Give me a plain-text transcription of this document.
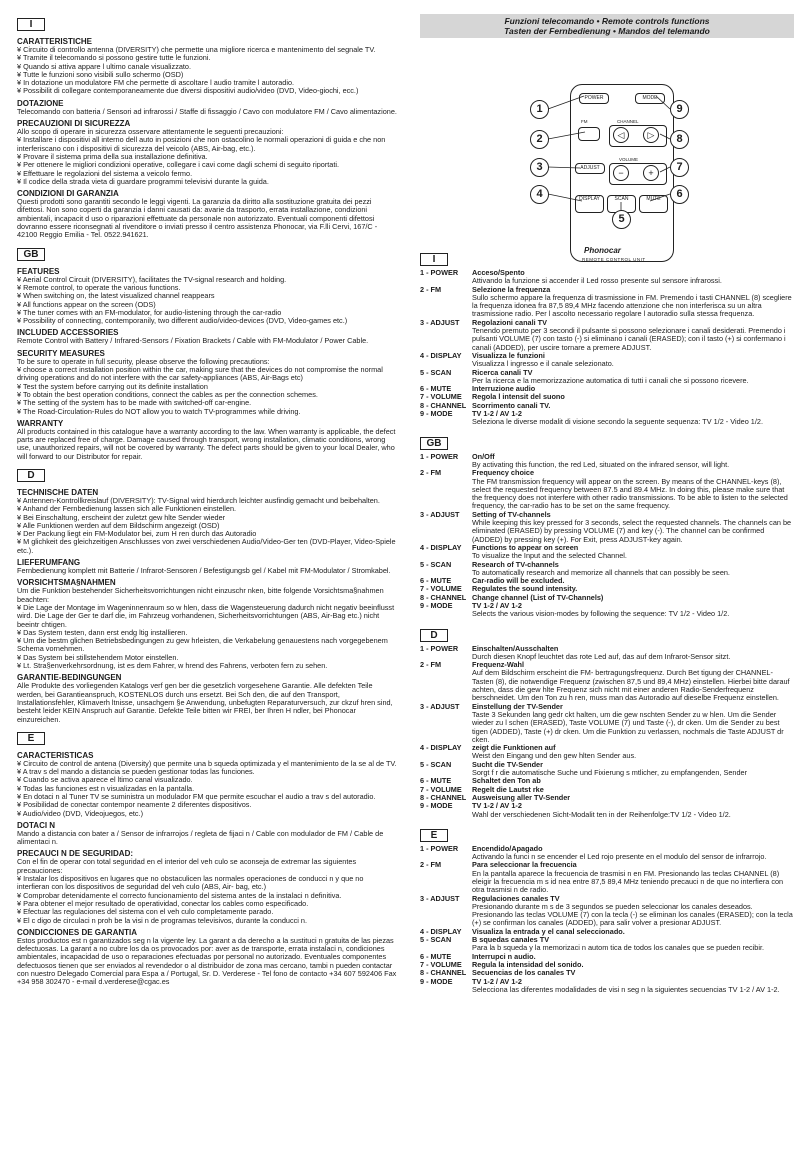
I
CARATTERISTICHE
¥ Circuito di controllo antenna (DIVERSITY) che permette una migliore ricerca e mantenimento del segnale TV.
¥ Tramite il telecomando si possono gestire tutte le funzioni.
¥ Quando si attiva appare l ultimo canale visualizzato.
¥ Tutte le funzioni sono visibili sullo schermo (OSD)
¥ In dotazione un modulatore FM che permette di ascoltare l audio tramite l autoradio.
¥ Possibilit di collegare contemporaneamente due diversi dispositivi audio/video (DVD, Video-giochi, ecc.)
DOTAZIONE
Telecomando con batteria / Sensori ad infrarossi / Staffe di fissaggio / Cavo con modulatore FM / Cavo alimentazione.
PRECAUZIONI DI SICUREZZA
Allo scopo di operare in sicurezza osservare attentamente le seguenti precauzioni:
¥ Installare i dispositivi all interno dell auto in posizioni che non ostacolino le normali operazioni di guida e che non interferiscano con i dispositivi di sicurezza del veicolo (ABS, Air-bag, etc.).
¥ Provare il sistema prima della sua installazione definitiva.
¥ Per ottenere le migliori condizioni operative, collegare i cavi come dagli schemi di seguito riportati.
¥ Effettuare le regolazioni del sistema a veicolo fermo.
¥ Il codice della strada vieta di guardare programmi televisivi durante la guida.
CONDIZIONI DI GARANZIA
Questi prodotti sono garantiti secondo le leggi vigenti. La garanzia da diritto alla sostituzione gratuita dei pezzi difettosi. Non sono coperti da garanzia i danni causati da: avarie da trasporto, errata installazione, condizioni ambientali, incapacit d uso o riparazioni effettuate da personale non autorizzato. Eventuali componenti difettosi dovranno essere riconsegnati al rivenditore o inviati presso il centro assistenza Phonocar, via F.lli Cervi, 167/C - 42100 Reggio Emilia - Tel. 0522.941621.
GB
FEATURES
¥ Aerial Control Circuit (DIVERSITY), facilitates the TV-signal research and holding.
¥ Remote control, to operate the various functions.
¥ When switching on, the latest visualized channel reappears
¥ All functions appear on the screen (ODS)
¥ The tuner comes with an FM-modulator, for audio-listening through the car-radio
¥ Possibility of connecting, contemporanily, two different audio/video-devices (DVD, Video-games etc.)
INCLUDED ACCESSORIES
Remote Control with Battery / Infrared-Sensors / Fixation Brackets / Cable with FM-Modulator / Power Cable.
SECURITY MEASURES
To be sure to operate in full security, please observe the following precautions:
¥ choose a correct installation position within the car, making sure that the devices do not compromise the normal driving operations and do not interfere with the car safety-appliances (ABS, Air-Bags etc)
¥ Test the system before carrying out its definite installation
¥ To obtain the best operation conditions, connect the cables as per the connection schemes.
¥ The setting of the system has to be made with switched-off car-engine.
¥ The Road-Circulation-Rules do NOT allow you to watch TV-programmes while driving.
WARRANTY
All products contained in this catalogue have a warranty according to the law. When warranty is applicable, the defect parts are replaced free of charge. Damage caused through transport, wrong installation, climatic conditions, wrong use, unauthorized repairs, will not be covered by warranty. The defect parts should be given to your local Dealer, who will forward to our Distributor for repair.
D
TECHNISCHE DATEN
¥ Antennen-Kontrollkreislauf (DIVERSITY): TV-Signal wird hierdurch leichter ausfindig gemacht und beibehalten.
¥ Anhand der Fernbedienung lassen sich alle Funktionen einstellen.
¥ Bei Einschaltung, erscheint der zuletzt gew hlte Sender wieder
¥ Alle Funktionen werden auf dem Bildschirm angezeigt (OSD)
¥ Der Packung liegt ein FM-Modulator bei, zum H ren durch das Autoradio
¥ M glichkeit des gleichzeitigen Anschlusses von zwei verschiedenen Audio/Video-Ger ten (DVD-Player, Video-Spiele etc.).
LIEFERUMFANG
Fernbedienung komplett mit Batterie / Infrarot-Sensoren / Befestigungsb gel / Kabel mit FM-Modulator / Stromkabel.
VORSICHTSMA§NAHMEN
Um die Funktion bestehender Sicherheitsvorrichtungen nicht einzuschr nken, bitte folgende Vorsichtsma§nahmen beachten:
¥ Die Lage der Montage im Wageninnenraum so w hlen, dass die Wagensteuerung dadurch nicht negativ beeinflusst wird. Die Lage der Ger te darf die, im Fahrzeug vorhandenen, Sicherheitsvorrichtungen (ABS, Air-Bag etc.) nicht beeintr chtigen.
¥ Das System testen, dann erst endg ltig installieren.
¥ Um die bestm glichen Betriebsbedingungen zu gew hrleisten, die Verkabelung genauestens nach vorgegebenem Schema vornehmen.
¥ Das System bei stillstehendem Motor einstellen.
¥ Lt. Stra§enverkehrsordnung, ist es dem Fahrer, w hrend des Fahrens, verboten fern zu sehen.
GARANTIE-BEDINGUNGEN
Alle Produkte des vorliegenden Katalogs verf gen ber die gesetzlich vorgesehene Garantie. Alle defekten Teile werden, bei Garantieanspruch, KOSTENLOS durch uns ersetzt. Bei Sch den, die auf den Transport, Installationsfehler, Klimaverh ltnisse, unsachgem §e Anwendung, unbefugten Reparaturversuch, zur ckzuf hren sind, besteht leider KEIN Anspruch auf Garantie. Defekte Teile bitten wir FREI, ber Ihren H ndler, bei Phonocar einzureichen.
E
CARACTERISTICAS
¥ Circuito de control de antena (Diversity) que permite una b squeda optimizada y el mantenimiento de la se al de TV.
¥ A trav s del mando a distancia se pueden gestionar todas las funciones.
¥ Cuando se activa aparece el ltimo canal visualizado.
¥ Todas las funciones est n visualizadas en la pantalla.
¥ En dotaci n al Tuner TV se suministra un modulador FM que permite escuchar el audio a trav s del autoradio.
¥ Posibilidad de conectar contempor neamente 2 diferentes dispositivos.
¥ Audio/video (DVD, Videojuegos, etc.)
DOTACI N
Mando a distancia con bater a / Sensor de infrarrojos / regleta de fijaci n / Cable con modulador de FM / Cable de alimentaci n.
PRECAUCI N DE SEGURIDAD:
Con el fin de operar con total seguridad en el interior del veh culo se aconseja de extremar las siguientes precauciones:
¥ Instalar los dispositivos en lugares que no obstaculicen las normales operaciones de conducci n y que no interfieran con los dispositivos de seguridad del veh culo (ABS, Air- bag, etc.)
¥ Comprobar detenidamente el correcto funcionamiento del sistema antes de la instalaci n definitiva.
¥ Para obtener el mejor resultado de operatividad, conectar los cables como especificado.
¥ Efectuar las regulaciones del sistema con el veh culo completamente parado.
¥ El c digo de circulaci n proh be la visi n de programas televisivos, durante la conducci n.
CONDICCIONES DE GARANTIA
Estos productos est n garantizados seg n la vigente ley. La garant a da derecho a la sustituci n gratuita de las piezas defectuosas. La garant a no cubre los da os provocados por: aver as de transporte, errata instalaci n, condiciones ambientales, incapacidad de uso o reparaciones efectuadas por personal no autorizado. Eventuales componentes defectuosos tienen que ser enviados al revendedor o al distribuidor de zona mas cercano, tambi n pueden contactar con nuestro Delegado Comercial para Espa a / Portugal, Sr. D. Verderese - Tel fono de contacto +34 607 592406 Fax +34 958 302470 - e-mail d.verderese@cgac.es
Funzioni telecomando • Remote controls functions
Tasten der Fernbedienung • Mandos del telemando
POWER	MODE
FM	CHANNEL
◁	▷
ADJUST
VOLUME
−	+
DISPLAY	SCAN	MUTE
Phonocar
REMOTE CONTROL UNIT
1
2
3
4
5
6
7
8
9
I
1 - POWER	Acceso/Spento
Attivando la funzione si accender il Led rosso presente sul sensore infrarossi.
2 - FM	Selezione la frequenza
Sullo schermo appare la frequenza di trasmissione in FM. Premendo i tasti CHANNEL (8) scegliere la frequenza idonea fra 87,5 89,4 MHz facendo attenzione che non interferisca su un altra trasmissione radio. Per l ascolto necessario regolare l autoradio sulla stessa frequenza.
3 - ADJUST	Regolazioni canali TV
Tenendo premuto per 3 secondi il pulsante si possono selezionare i canali desiderati. Premendo i pulsanti VOLUME (7) con tasto (-) si eliminano i canali (ERASED); con il tasto (+) si confermano i canali (ADDED), per uscire tornare a premere ADJUST.
4 - DISPLAY	Visualizza le funzioni
Visualizza l ingresso e il canale selezionato.
5 - SCAN	Ricerca canali TV
Per la ricerca e la memorizzazione automatica di tutti i canali che si possono ricevere.
6 - MUTE	Interruzione audio
7 - VOLUME	Regola l intensit del suono
8 - CHANNEL Scorrimento canali TV.
9 - MODE	TV 1-2 / AV 1-2
Seleziona le diverse modalit di visione secondo la seguente sequenza: TV 1/2 - Video 1/2.
GB
1 - POWER	On/Off
By activating this function, the red Led, situated on the infrared sensor, will light.
2 - FM	Frequency choice
The FM transmission frequency will appear on the screen. By means of the CHANNEL-keys (8), select the requested frequency between 87.5 and 89.4 MHz. In doing this, please make sure that the frequency does not interfere with other radio transmissions. To be able to listen to the selected frequency, the car-radio has to be set on the same frequency.
3 - ADJUST	Setting of TV-channels
While keeping this key pressed for 3 seconds, select the requested channels. The channels can be eliminated (ERASED) by pressing VOLUME (7) and key (-). The channel can be confirmed (ADDED) by pressing key (+). For Exit, press ADJUST-key again.
4 - DISPLAY	Functions to appear on screen
To visualize the Input and the selected Channel.
5 - SCAN	Research of TV-channels
To automatically research and memorize all channels that can possibly be seen.
6 - MUTE	Car-radio will be excluded.
7 - VOLUME	Regulates the sound intensity.
8 - CHANNEL Change channel (List of TV-Channels)
9 - MODE	TV 1-2 / AV 1-2
Selects the various vision-modes by following the sequence: TV 1/2 - Video 1/2.
D
1 - POWER	Einschalten/Ausschalten
Durch diesen Knopf leuchtet das rote Led auf, das auf dem Infrarot-Sensor sitzt.
2 - FM	Frequenz-Wahl
Auf dem Bildschirm erscheint die FM- bertragungsfrequenz. Durch Bet tigung der CHANNEL-Tasten (8), die notwendige Frequenz (zwischen 87,5 und 89,4 MHz) einstellen. Hierbei bitte darauf achten, dass die gew hlte Frequenz sich nicht mit einer anderen Radio-Senderfrequenz berschneidet. Um den Ton zu h ren, muss man das Autoradio auf dieselbe Frequenz einstellen.
3 - ADJUST	Einstellung der TV-Sender
Taste 3 Sekunden lang gedr ckt halten, um die gew nschten Sender zu w hlen. Um die Sender wieder zu l schen (ERASED), Taste VOLUME (7) und Taste (-), dr cken. Um die Sender zu best tigen (ADDED), Taste (+) dr cken. Um die Funktion zu verlassen, nochmals die Taste ADJUST dr cken.
4 - DISPLAY	zeigt die Funktionen auf
Weist den Eingang und den gew hlten Sender aus.
5 - SCAN	Sucht die TV-Sender
Sorgt f r die automatische Suche und Fixierung s mtlicher, zu empfangenden, Sender
6 - MUTE	Schaltet den Ton ab
7 - VOLUME	Regelt die Lautst rke
8 - CHANNEL Ausweisung aller TV-Sender
9 - MODE	TV 1-2 / AV 1-2
Wahl der verschiedenen Sicht-Modalit ten in der Reihenfolge:TV 1/2 - Video 1/2.
E
1 - POWER	Encendido/Apagado
Activando la funci n se encender el Led rojo presente en el modulo del sensor de infrarrojo.
2 - FM	Para seleccionar la frecuencia
En la pantalla aparece la frecuencia de trasmisi n en FM. Presionando las teclas CHANNEL (8) eleigir la frecuencia m s id nea entre 87,5 89,4 MHz teniendo precauci n de que no interfiera con otra trasmisi n de radio.
3 - ADJUST	Regulaciones canales TV
Presionando durante m s de 3 segundos se pueden seleccionar los canales deseados. Presionando las teclas VOLUME (7) con la tecla (-) se eliminan los canales (ERASED); con la tecla (+) se confirman los canales (ADDED), para salir volver a presionar ADJUST.
4 - DISPLAY	Visualiza la entrada y el canal seleccionado.
5 - SCAN	B squedas canales TV
Para la b squeda y la memorizaci n autom tica de todos los canales que se pueden recibir.
6 - MUTE	Interrupci n audio.
7 - VOLUME	Regula la intensidad del sonido.
8 - CHANNEL Secuencias de los canales TV
9 - MODE	TV 1-2 / AV 1-2
Selecciona las diferentes modalidades de visi n seg n la siguientes secuencias TV 1-2 / AV 1-2.
